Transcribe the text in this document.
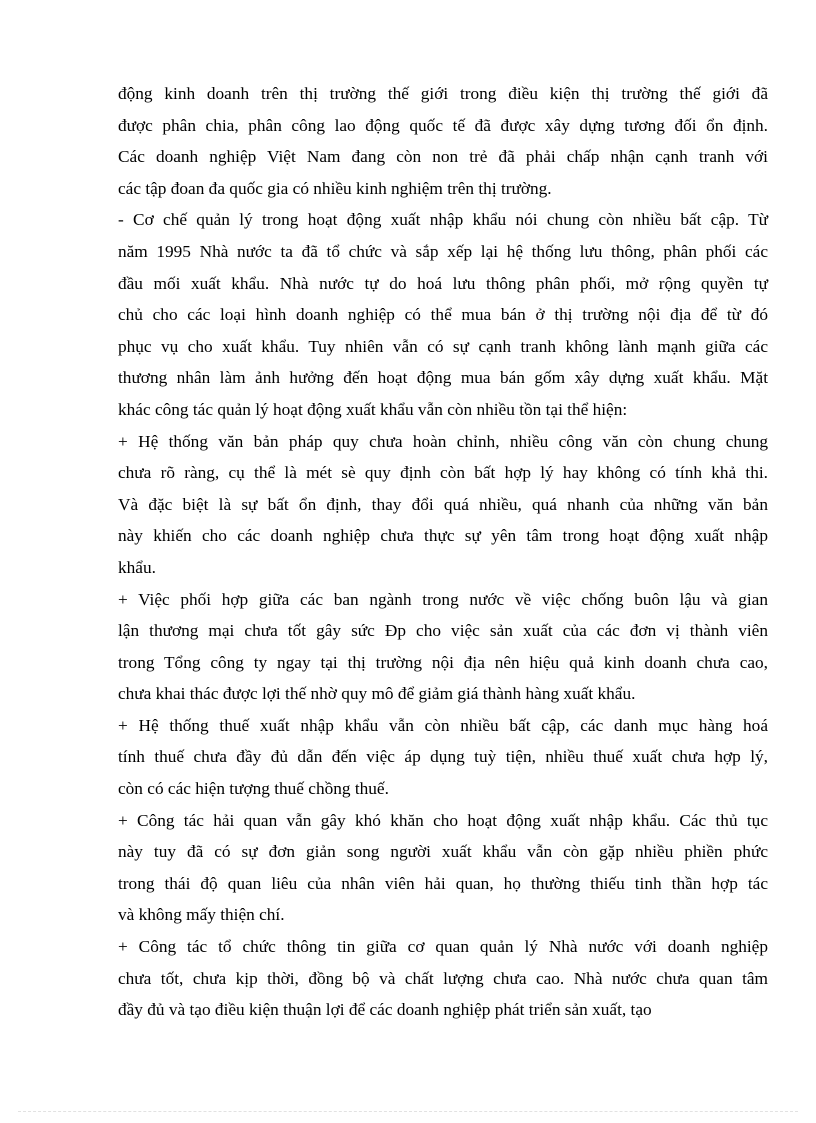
động kinh doanh trên thị trường thế giới trong điều kiện thị trường thế giới đã

được phân chia, phân công lao động quốc tế đã được xây dựng tương đối ổn định.

Các doanh nghiệp Việt Nam đang còn non trẻ đã phải chấp nhận cạnh tranh với

các tập đoan đa quốc gia có nhiều kinh nghiệm trên thị trường.

- Cơ chế quản lý trong hoạt động xuất nhập khẩu nói chung còn nhiều bất cập. Từ

năm 1995 Nhà nước ta đã tổ chức và sắp xếp lại hệ thống lưu thông, phân phối các

đầu mối xuất khẩu. Nhà nước tự do hoá lưu thông phân phối, mở rộng quyền tự

chủ cho các loại hình doanh nghiệp có thể mua bán ở thị trường nội địa để từ đó

phục vụ cho xuất khẩu. Tuy nhiên vẫn có sự cạnh tranh không lành mạnh giữa các

thương nhân làm ảnh hưởng đến hoạt động mua bán gốm xây dựng xuất khẩu. Mặt

khác công tác quản lý hoạt động xuất khẩu vẫn còn nhiều tồn tại thể hiện:

+ Hệ thống văn bản pháp quy chưa hoàn chỉnh, nhiều công văn còn chung chung

chưa rõ ràng, cụ thể là mét sè quy định còn bất hợp lý hay không có tính khả thi.

Và đặc biệt là sự bất ổn định, thay đổi quá nhiều, quá nhanh của những văn bản

này khiến cho các doanh nghiệp chưa thực sự yên tâm trong hoạt động xuất nhập

khẩu.

+ Việc phối hợp giữa các ban ngành trong nước về việc chống buôn lậu và gian

lận thương mại chưa tốt gây sức Ðp cho việc sản xuất của các đơn vị thành viên

trong Tổng công ty ngay tại thị trường nội địa nên hiệu quả kinh doanh chưa cao,

chưa khai thác được lợi thế nhờ quy mô để giảm giá thành hàng xuất khẩu.

+ Hệ thống thuế xuất nhập khẩu vẫn còn nhiều bất cập, các danh mục hàng hoá

tính thuế chưa đầy đủ dẫn đến việc áp dụng tuỳ tiện, nhiều thuế xuất chưa hợp lý,

còn có các hiện tượng thuế chồng thuế.

+ Công tác hải quan vẫn gây khó khăn cho hoạt động xuất nhập khẩu. Các thủ tục

này tuy đã có sự đơn giản song người xuất khẩu vẫn còn gặp nhiều phiền phức

trong thái độ quan liêu của nhân viên hải quan, họ thường thiếu tinh thần hợp tác

và không mấy thiện chí.

+ Công tác tổ chức thông tin giữa cơ quan quản lý Nhà nước với doanh nghiệp

chưa tốt, chưa kịp thời, đồng bộ và chất lượng chưa cao. Nhà nước chưa quan tâm

đầy đủ và tạo điều kiện thuận lợi để các doanh nghiệp phát triển sản xuất, tạo
